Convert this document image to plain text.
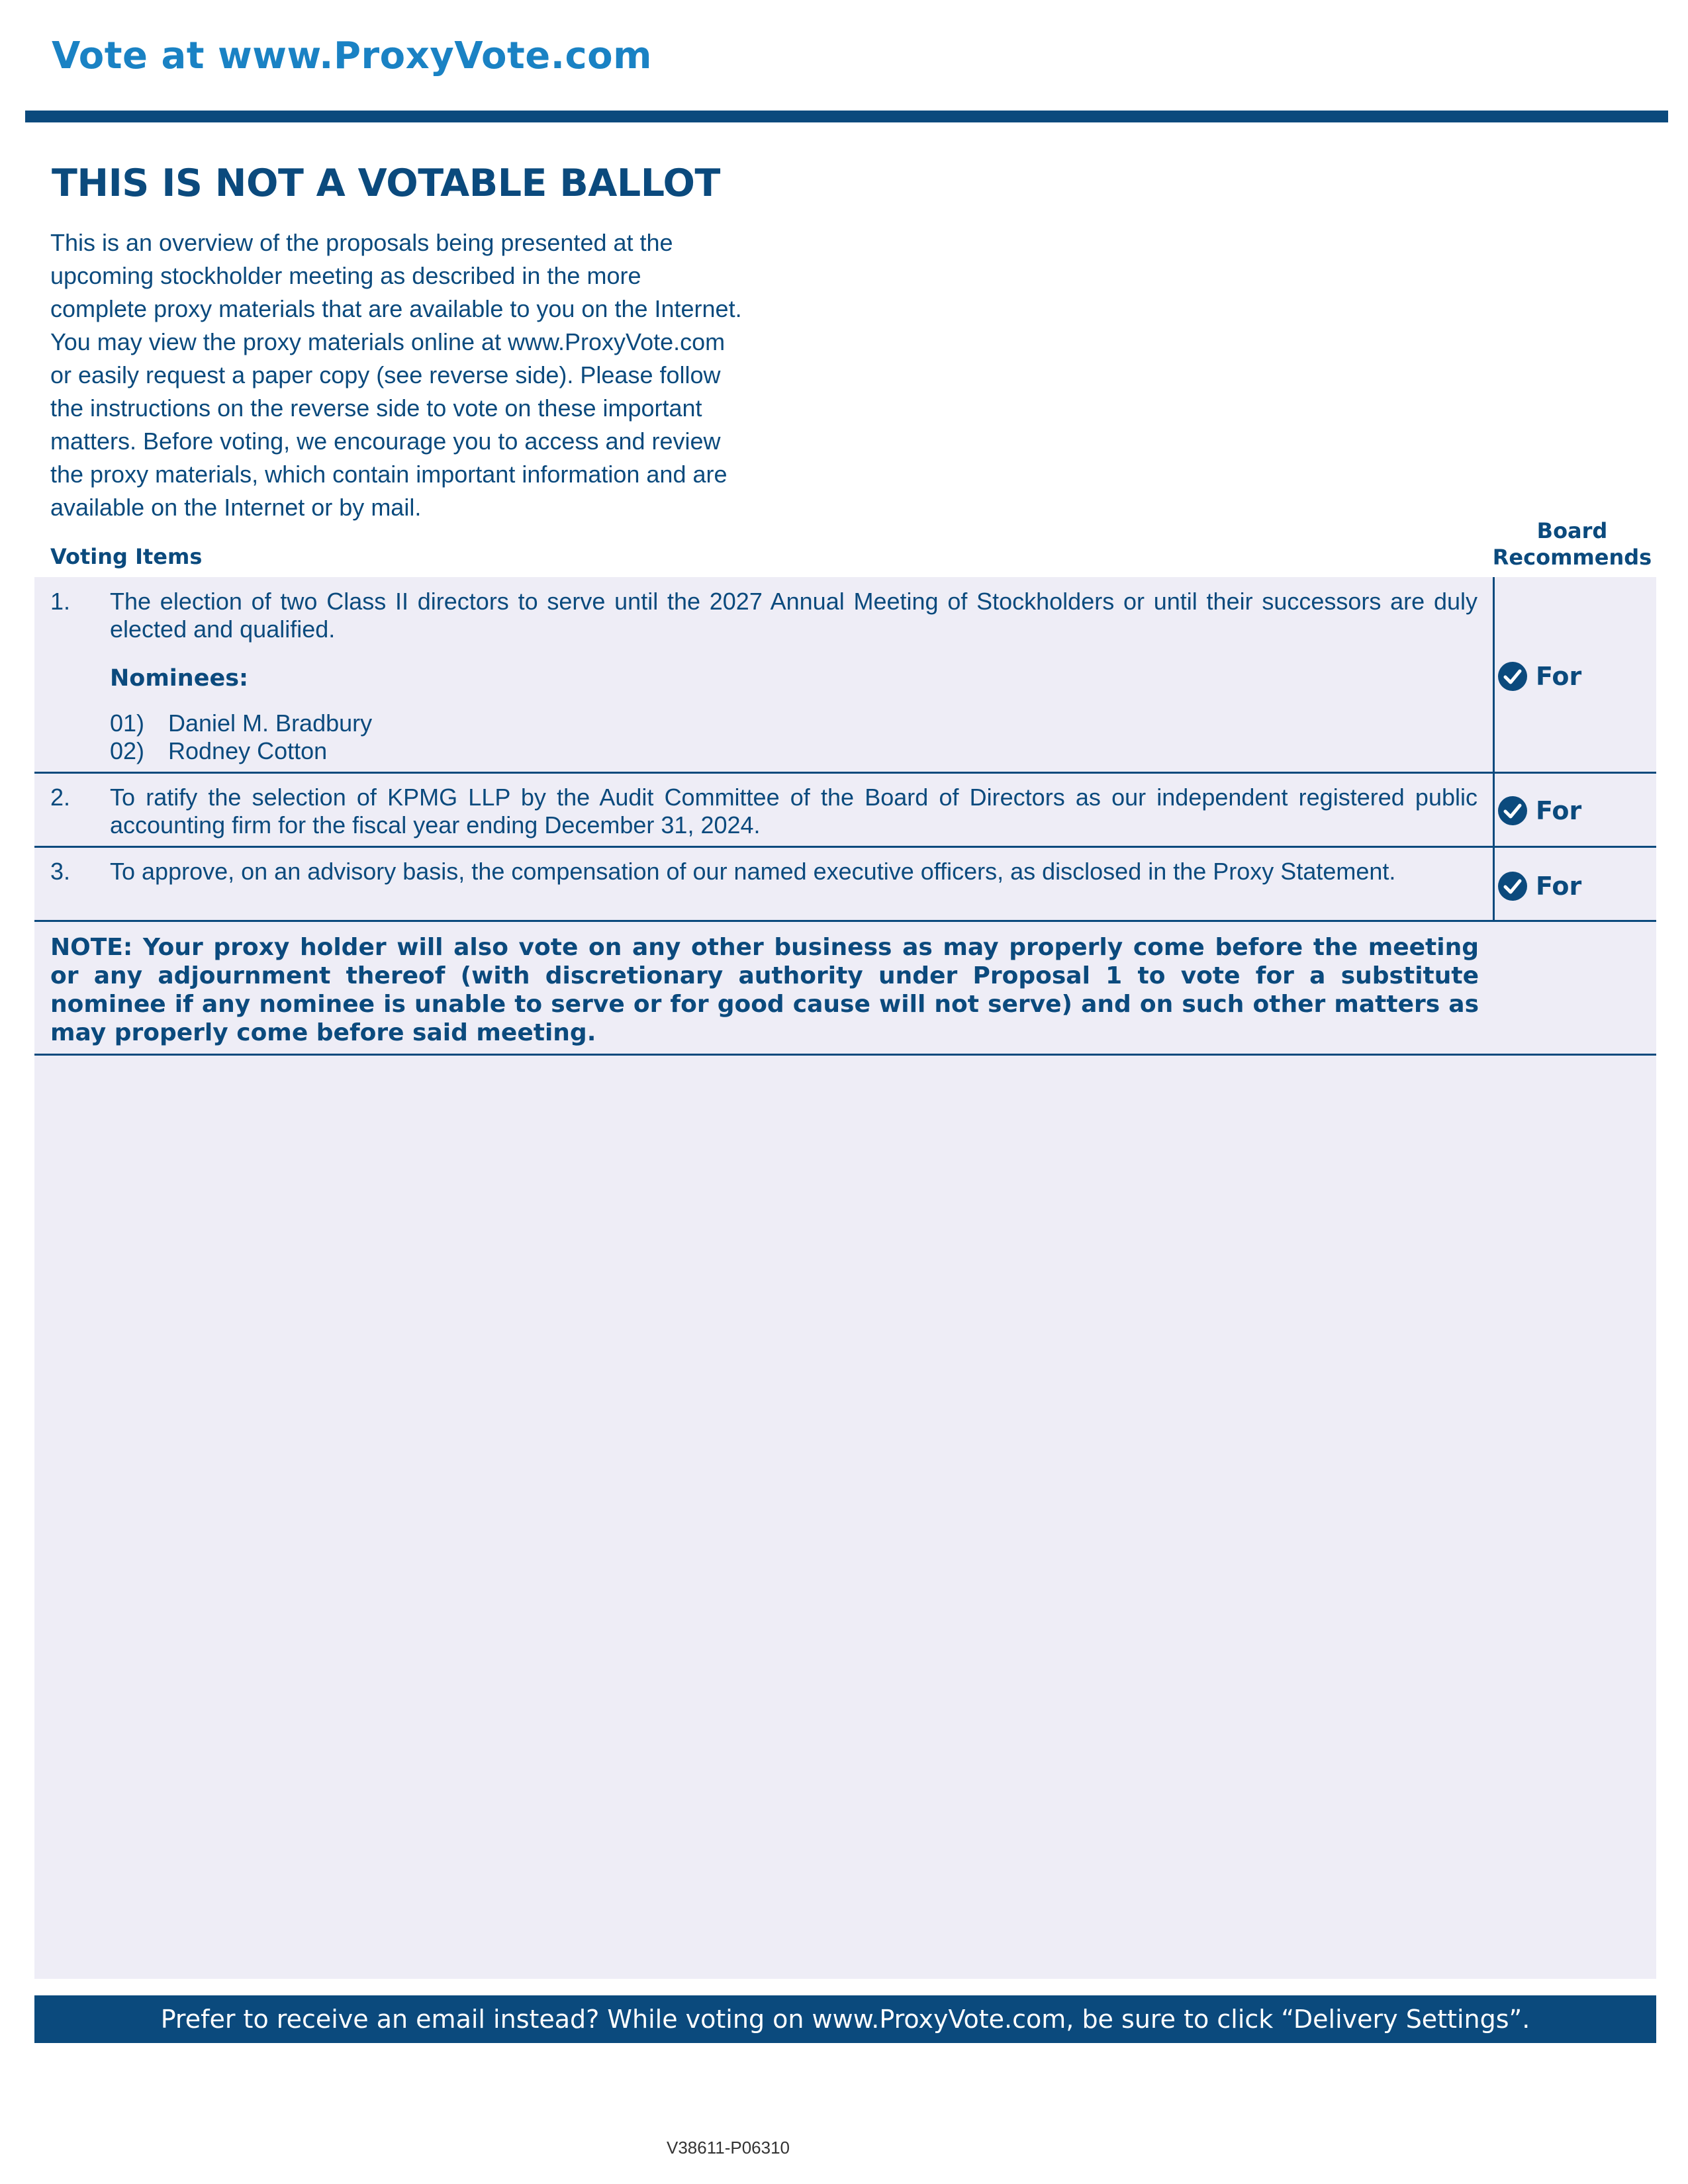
Vote at www.ProxyVote.com
THIS IS NOT A VOTABLE BALLOT

This is an overview of the proposals being presented at the
upcoming stockholder meeting as described in the more
complete proxy materials that are available to you on the Internet.
You may view the proxy materials online at www.ProxyVote.com
or easily request a paper copy (see reverse side). Please follow
the instructions on the reverse side to vote on these important
matters. Before voting, we encourage you to access and review
the proxy materials, which contain important information and are
available on the Internet or by mail.

Voting Items
Board
Recommends
1. The election of two Class II directors to serve until the 2027 Annual Meeting of Stockholders or until their successors are duly elected and qualified.
Nominees:
01) Daniel M. Bradbury
02) Rodney Cotton
For
2. To ratify the selection of KPMG LLP by the Audit Committee of the Board of Directors as our independent registered public accounting firm for the fiscal year ending December 31, 2024.	For
3. To approve, on an advisory basis, the compensation of our named executive officers, as disclosed in the Proxy Statement.
For

NOTE: Your proxy holder will also vote on any other business as may properly come before the meeting or any adjournment thereof (with discretionary authority under Proposal 1 to vote for a substitute nominee if any nominee is unable to serve or for good cause will not serve) and on such other matters as may properly come before said meeting.

Prefer to receive an email instead? While voting on www.ProxyVote.com, be sure to click “Delivery Settings”.
V38611-P06310
